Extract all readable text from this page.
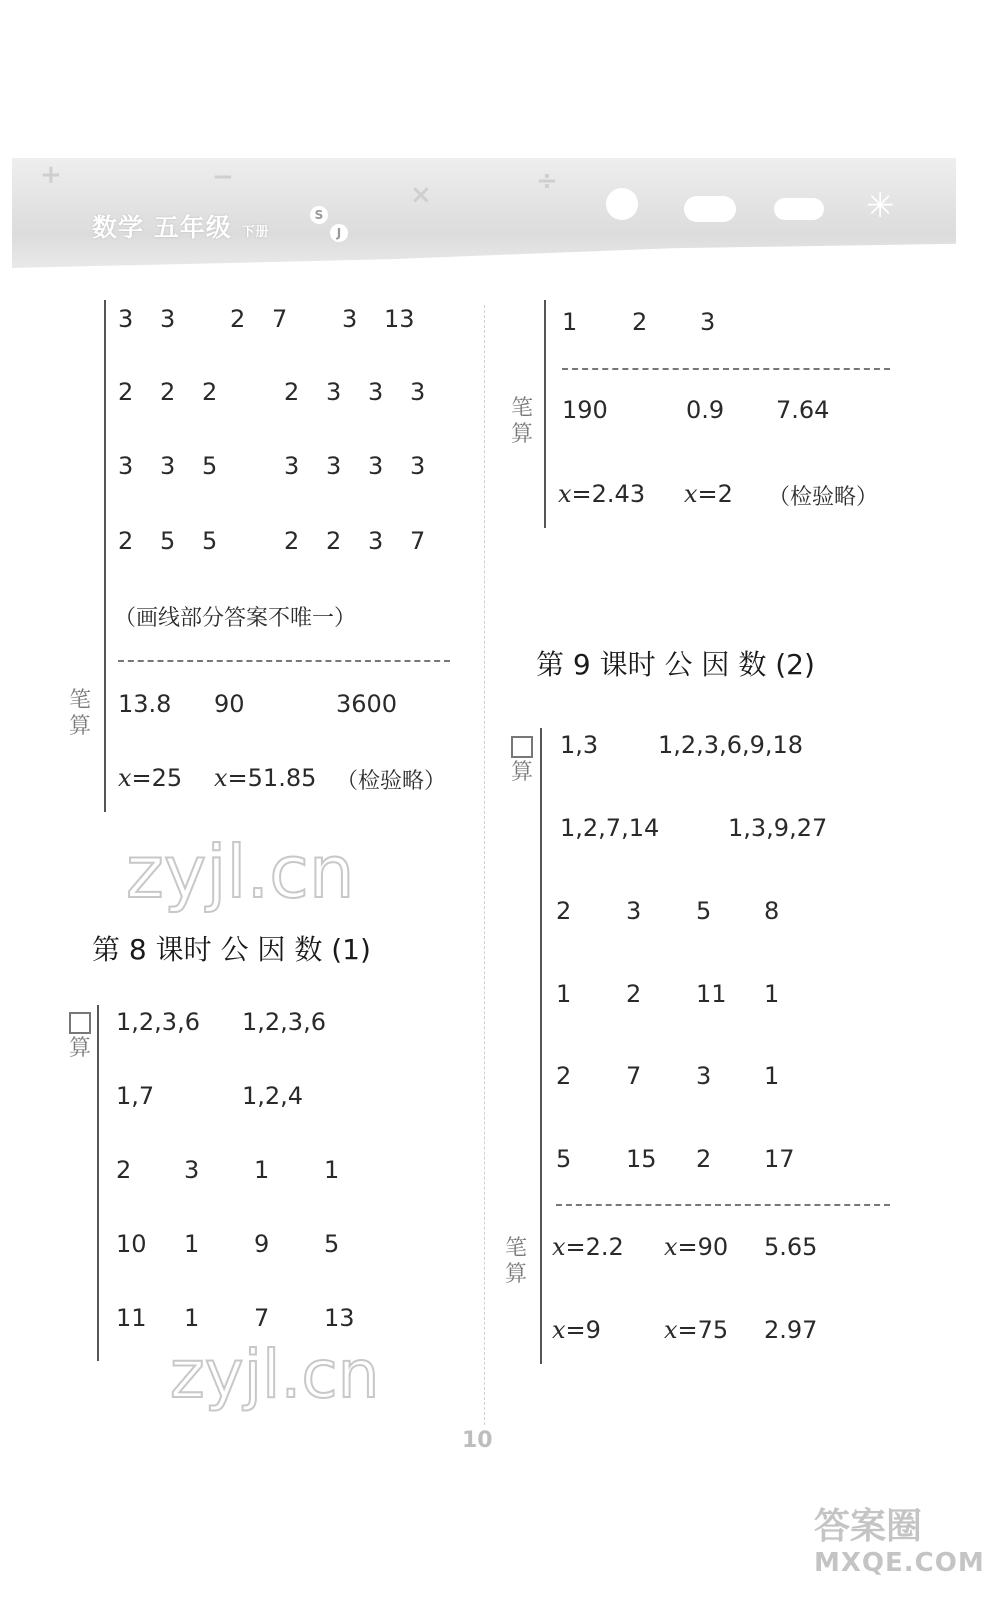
+	−
×	÷
✳
数学 五年级 下册
S
J
3 3 2 7 3 13
2 2 2	2 3 3 3
3 3 5	3 3 3 3
2 5 5	2 2 3 7
（画线部分答案不唯一）
笔算
13.8 90	3600
x=25 x=51.85 （检验略）
zyjl.cn
第 8 课时 公 因 数 (1)
算
1,2,3,6 1,2,3,6
1,7	1,2,4
2 3 1 1
10 1 9 5
11 1 7 13
zyjl.cn
1 2 3
笔算
190	0.9 7.64
x=2.43 x=2 （检验略）
第 9 课时 公 因 数 (2)
算
1,3 1,2,3,6,9,18
1,2,7,14	1,3,9,27
2 3 5 8
1 2 11 1
2 7 3 1
5 15 2 17
笔算
x=2.2 x=90 5.65
x=9	x=75 2.97
10
答案圈
MXQE.COM
